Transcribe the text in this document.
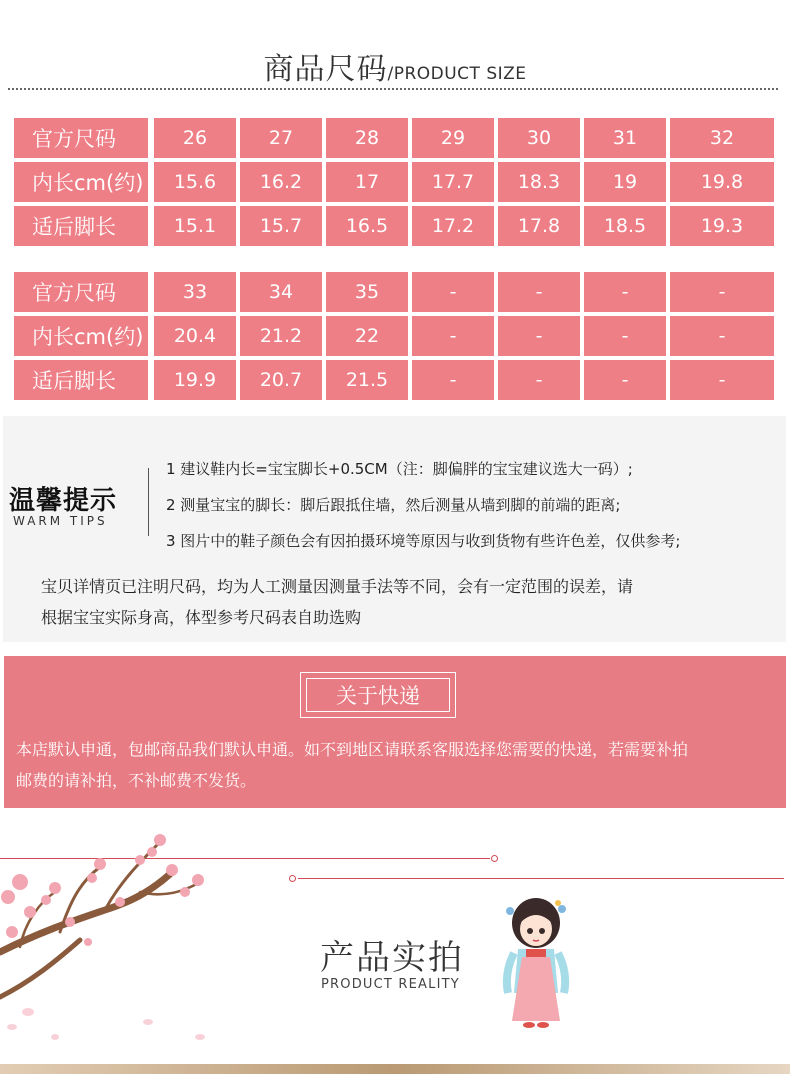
商品尺码/PRODUCT SIZE
官方尺码	26	27	28	29	30	31	32
内长cm(约)	15.6	16.2	17	17.7	18.3	19	19.8
适后脚长	15.1	15.7	16.5	17.2	17.8	18.5	19.3
官方尺码	33	34	35	-	-	-	-
内长cm(约)	20.4	21.2	22	-	-	-	-
适后脚长	19.9	20.7	21.5	-	-	-	-
温馨提示
WARM TIPS
1 建议鞋内长=宝宝脚长+0.5CM（注：脚偏胖的宝宝建议选大一码）;
2 测量宝宝的脚长：脚后跟抵住墙，然后测量从墙到脚的前端的距离;
3 图片中的鞋子颜色会有因拍摄环境等原因与收到货物有些许色差，仅供参考;
宝贝详情页已注明尺码，均为人工测量因测量手法等不同，会有一定范围的误差，请
根据宝宝实际身高，体型参考尺码表自助选购
关于快递
本店默认申通，包邮商品我们默认申通。如不到地区请联系客服选择您需要的快递，若需要补拍
邮费的请补拍，不补邮费不发货。
产品实拍
PRODUCT REALITY
